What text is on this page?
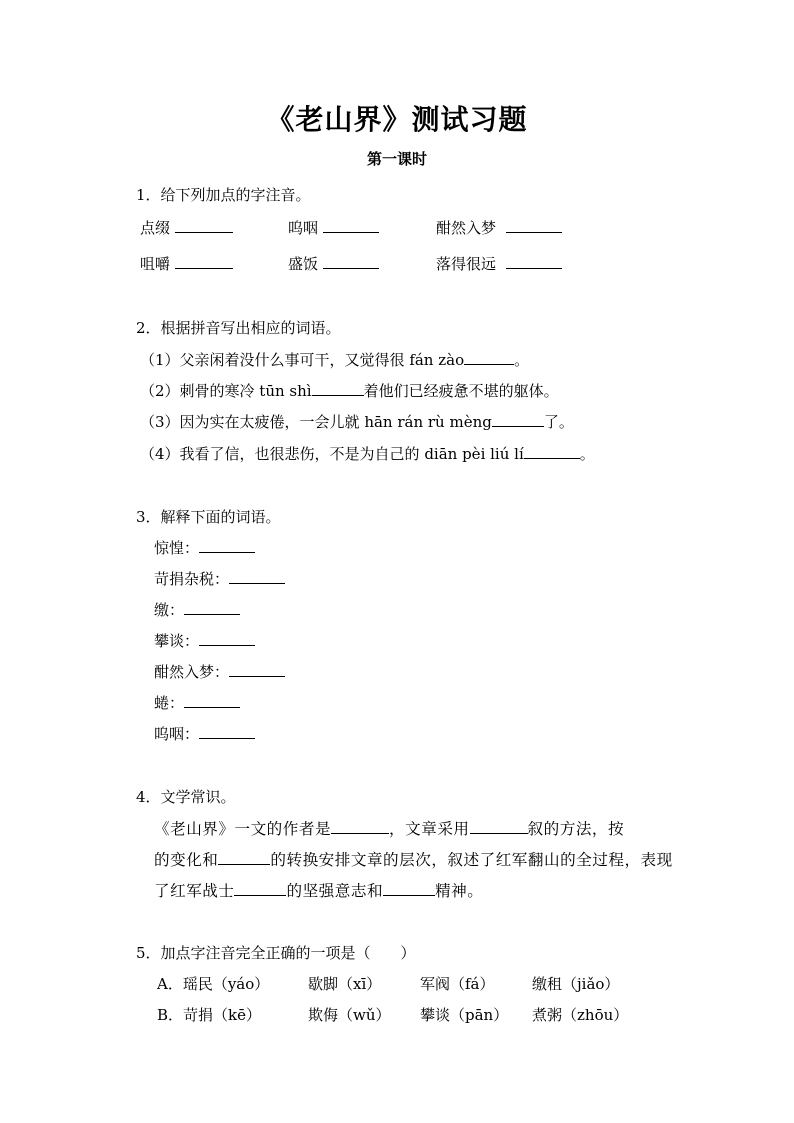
《老山界》测试习题
第一课时
1．给下列加点的字注音。
点缀	呜咽	酣然入梦
咀嚼	盛饭	落得很远
2．根据拼音写出相应的词语。
（1）父亲闲着没什么事可干，又觉得很 fán zào	。
（2）刺骨的寒冷 tūn shì	着他们已经疲惫不堪的躯体。
（3）因为实在太疲倦，一会儿就 hān rán rù mèng	了。
（4）我看了信，也很悲伤，不是为自己的 diān pèi liú lí	。
3．解释下面的词语。
惊惶：
苛捐杂税：
缴：
攀谈：
酣然入梦：
蜷：
呜咽：
4．文学常识。
《老山界》一文的作者是	，文章采用	叙的方法，按
的变化和	的转换安排文章的层次，叙述了红军翻山的全过程，表现
了红军战士	的坚强意志和	精神。
5．加点字注音完全正确的一项是（　　）
A．瑶民（yáo）	歇脚（xī）	军阀（fá）	缴租（jiǎo）
B．苛捐（kē）	欺侮（wǔ） 攀谈（pān） 煮粥（zhōu）
